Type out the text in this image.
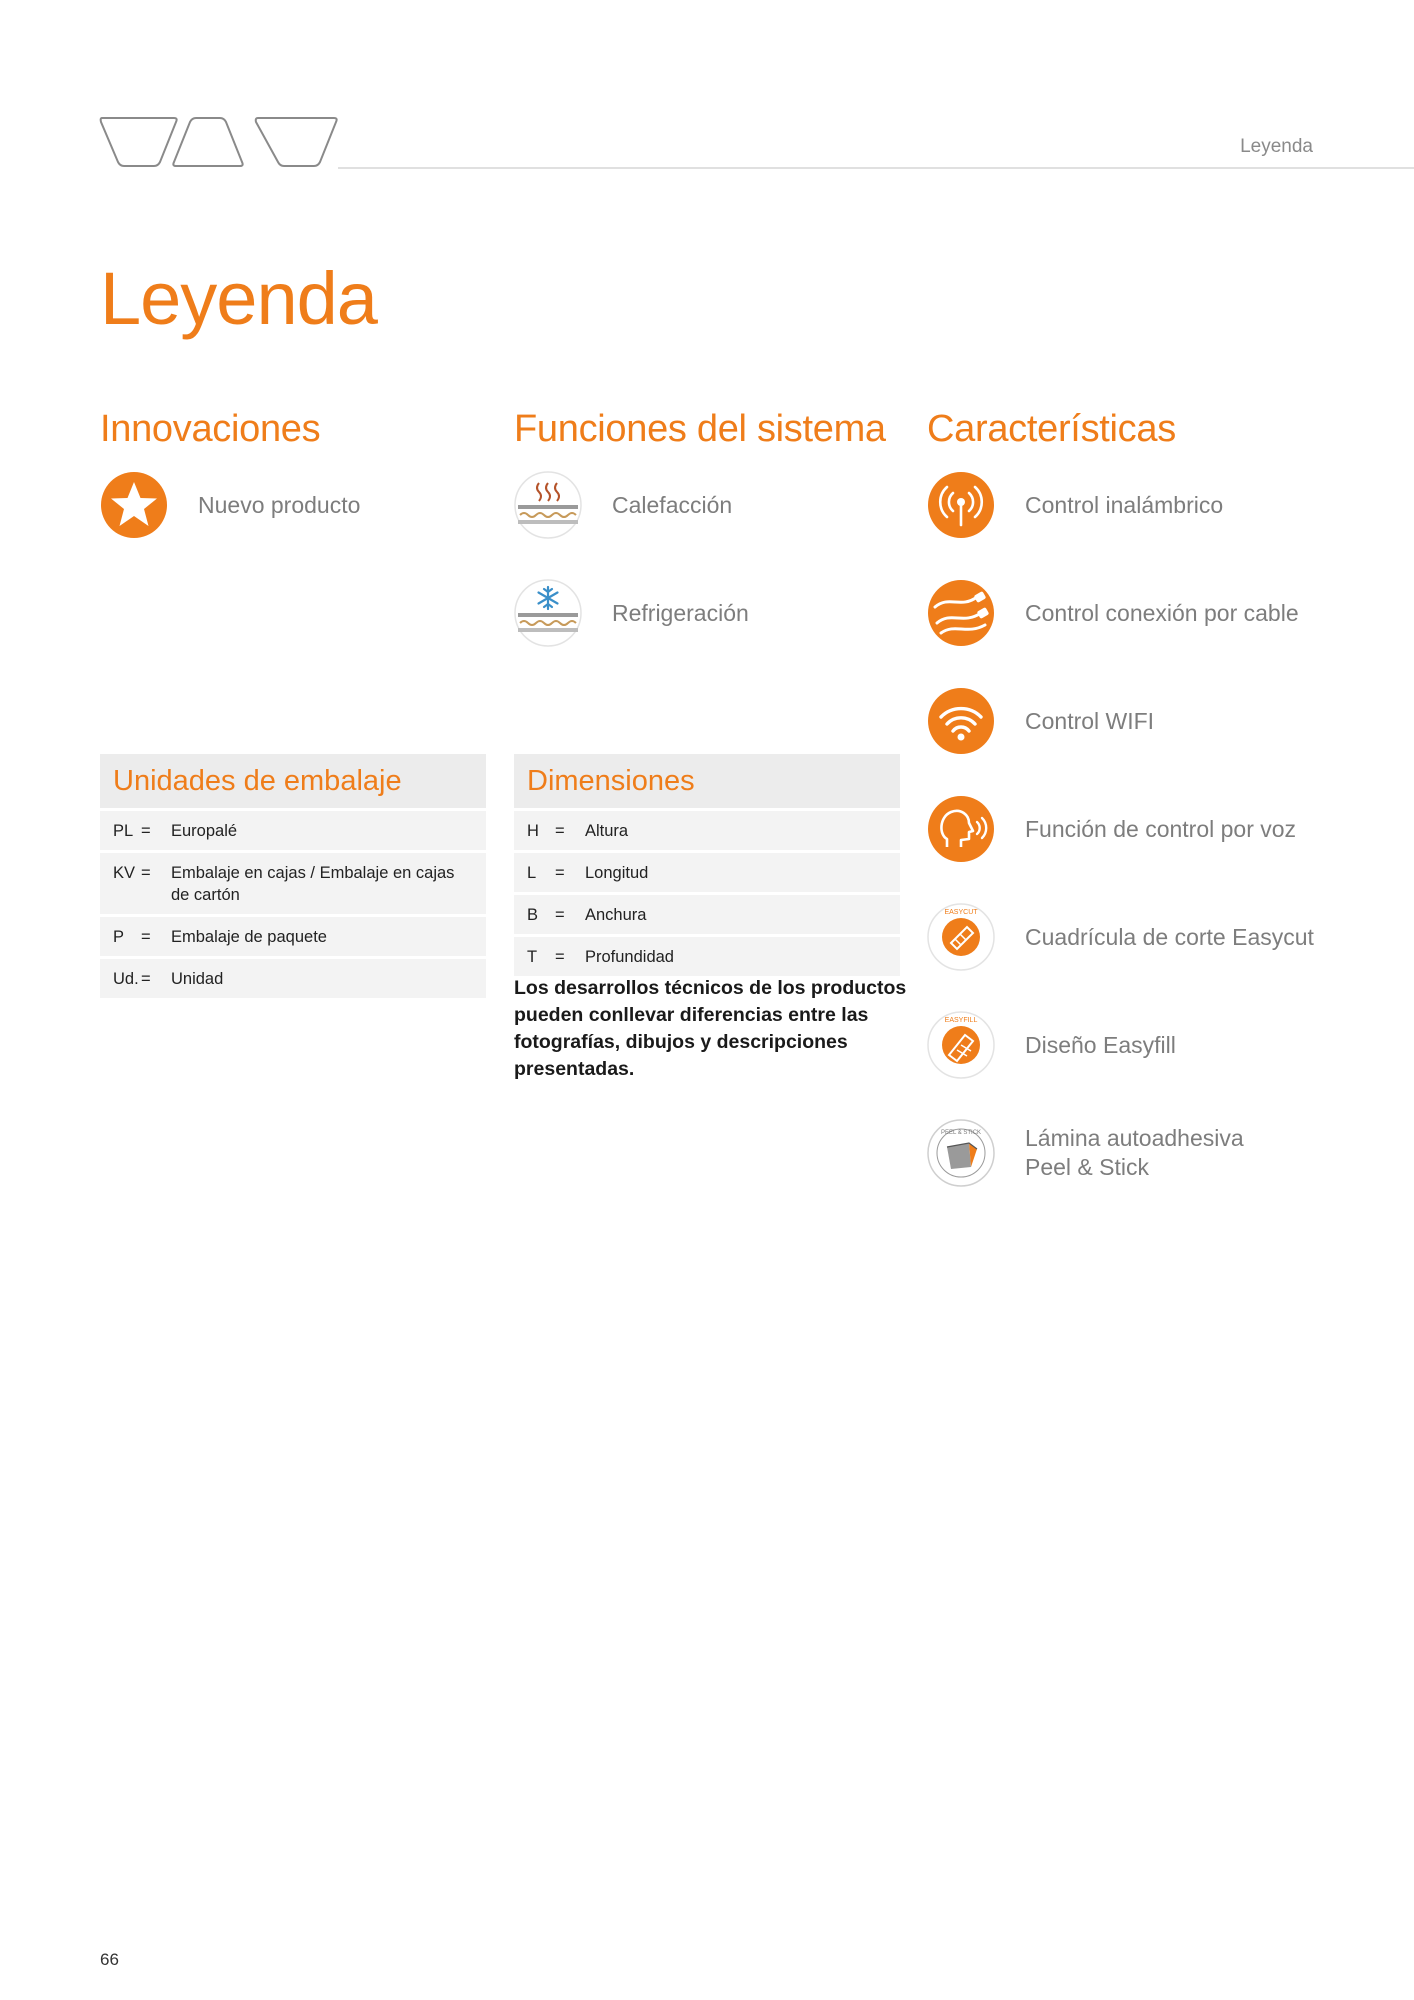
Leyenda
Leyenda
Innovaciones	Funciones del sistema Características
Nuevo producto	Calefacción
Refrigeración
Control inalámbrico
Control conexión por cable
Control WIFI
Función de control por voz
EASYCUT
Cuadrícula de corte Easycut
EASYFILL
Diseño Easyfill
PEEL & STICK Lámina autoadhesiva
Peel & Stick
Unidades de embalaje
PL =	Europalé
KV =	Embalaje en cajas / Embalaje en cajas de cartón
P	=	Embalaje de paquete
Ud. =	Unidad
Dimensiones
H =	Altura
L	=	Longitud
B	=	Anchura
T	=	Profundidad

Los desarrollos técnicos de los productos pueden conllevar diferencias entre las fotografías, dibujos y descripciones presentadas.

66
